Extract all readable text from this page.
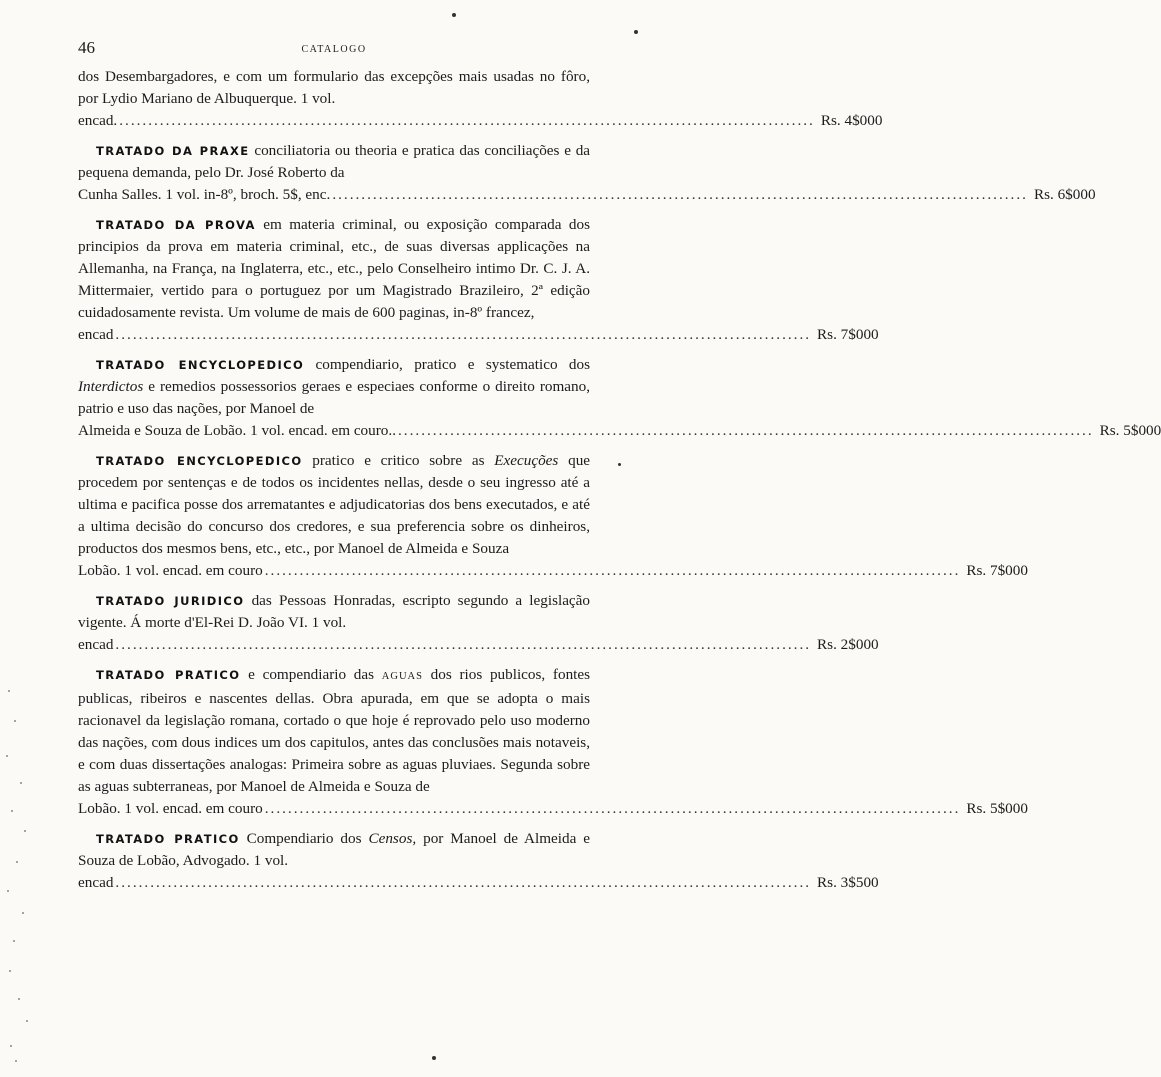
46	CATALOGO
dos Desembargadores, e com um formulario das excepções mais usadas no fôro, por Lydio Mariano de Albuquerque. 1 vol.
encad. ........................................................................................................................ Rs. 4$000
TRATADO DA PRAXE conciliatoria ou theoria e pratica das conciliações e da pequena demanda, pelo Dr. José Roberto da
Cunha Salles. 1 vol. in-8º, broch. 5$, enc. ........................................................................................................................ Rs. 6$000
TRATADO DA PROVA em materia criminal, ou exposição comparada dos principios da prova em materia criminal, etc., de suas diversas applicações na Allemanha, na França, na Inglaterra, etc., etc., pelo Conselheiro intimo Dr. C. J. A. Mittermaier, vertido para o portuguez por um Magistrado Brazileiro, 2ª edição cuidadosamente revista. Um volume de mais de 600 paginas, in-8º francez,
encad ........................................................................................................................ Rs. 7$000
TRATADO ENCYCLOPEDICO compendiario, pratico e systematico dos Interdictos e remedios possessorios geraes e especiaes conforme o direito romano, patrio e uso das nações, por Manoel de
Almeida e Souza de Lobão. 1 vol. encad. em couro.. ........................................................................................................................ Rs. 5$000
TRATADO ENCYCLOPEDICO pratico e critico sobre as Execuções que procedem por sentenças e de todos os incidentes nellas, desde o seu ingresso até a ultima e pacifica posse dos arrematantes e adjudicatorias dos bens executados, e até a ultima decisão do concurso dos credores, e sua preferencia sobre os dinheiros, productos dos mesmos bens, etc., etc., por Manoel de Almeida e Souza
Lobão. 1 vol. encad. em couro ........................................................................................................................ Rs. 7$000
TRATADO JURIDICO das Pessoas Honradas, escripto segundo a legislação vigente. Á morte d'El-Rei D. João VI. 1 vol.
encad ........................................................................................................................ Rs. 2$000
TRATADO PRATICO e compendiario das AGUAS dos rios publicos, fontes publicas, ribeiros e nascentes dellas. Obra apurada, em que se adopta o mais racionavel da legislação romana, cortado o que hoje é reprovado pelo uso moderno das nações, com dous indices um dos capitulos, antes das conclusões mais notaveis, e com duas dissertações analogas: Primeira sobre as aguas pluviaes. Segunda sobre as aguas subterraneas, por Manoel de Almeida e Souza de
Lobão. 1 vol. encad. em couro ........................................................................................................................ Rs. 5$000
TRATADO PRATICO Compendiario dos Censos, por Manoel de Almeida e Souza de Lobão, Advogado. 1 vol.
encad ........................................................................................................................ Rs. 3$500
